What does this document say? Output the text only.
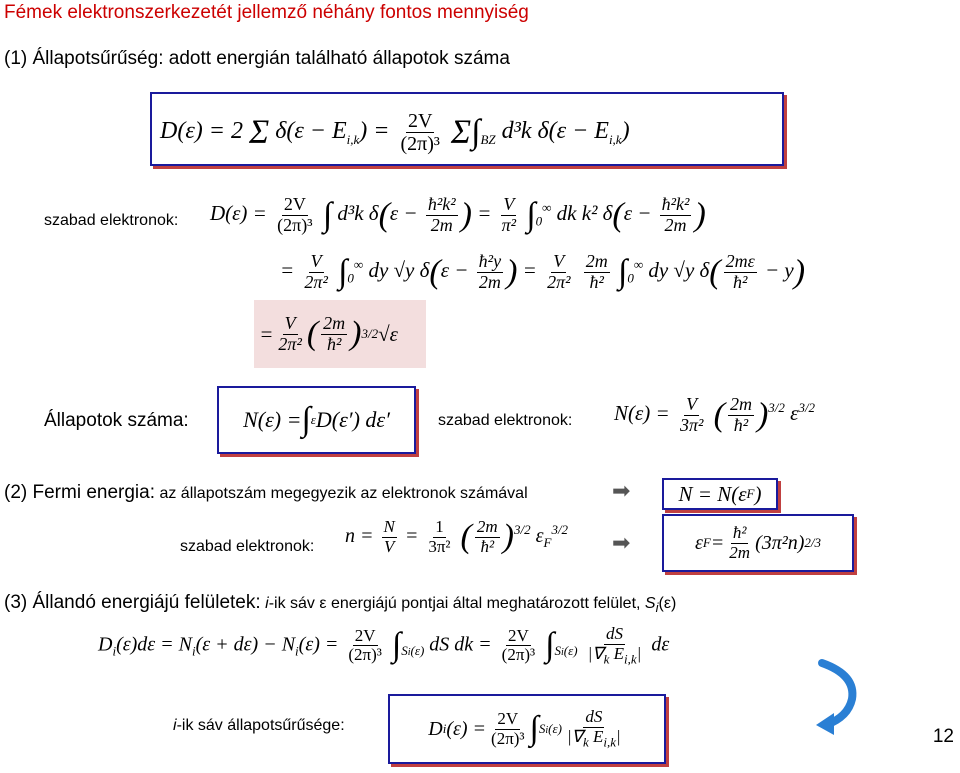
Fémek elektronszerkezetét jellemző néhány fontos mennyiség
(1) Állapotsűrűség: adott energián található állapotok száma
D(ε) = 2 Σ $\delta(\varepsilon - E_{i,k}) = \frac{2V}{\text{(2π)³}} \Sigma\int_{BZ}$ d³k $\delta(\varepsilon - E_{i,k})$
szabad elektronok: $D(\varepsilon) = \frac{2V}{\text{(2π)³}}$ ∫ d³k $\delta(\varepsilon - \frac{\text{ħ²k²}}{2m}$ ) = $\frac{V}{\text{π²}} \int_0^\infty$ dk k² $\delta(\varepsilon - \frac{\text{ħ²k²}}{2m}$ )
= $\frac{V}{\text{2π²}} \int_0^\infty$ dy √y $\delta(\varepsilon - \frac{\text{ħ²y}}{2m}$ ) = $\frac{V}{\text{2π²}}$
$\frac{2m}{\text{ħ²}} \int_0^\infty$ dy √y $\delta( \frac{2m\varepsilon}{\text{ħ²}} - y)$
= $\frac{V}{\text{2π²}}$ ( $\frac{2m}{\text{ħ²}}$ ) 3/2 √ε
Állapotok száma:	N(ε) = ∫ ε D(ε′) dε′	szabad elektronok: $N(\varepsilon) = \frac{V}{\text{3π²}}$ ( $\frac{2m}{\text{ħ²}} )^{3/2}$ $\varepsilon^{3/2}$
(2) Fermi energia: az állapotszám megegyezik az elektronok számával	➡	N = N(ε F )
szabad elektronok: $n = \frac{N}{V} = \frac{1}{\text{3π²}}$ ( $\frac{2m}{\text{ħ²}} )^{3/2}$ $\varepsilon_F^{3/2}$
➡	ε $F = \frac{\text{ħ²}}{2m} (3\pi^2n)$ 2/3
(3) Állandó energiájú felületek: i-ik sáv ε energiájú pontjai által meghatározott felület, $S_i(\varepsilon)$
$D_i(\varepsilon)d\varepsilon = N_i(\varepsilon + d\varepsilon) - N_i(\varepsilon) = \frac{2V}{\text{(2π)³}} \int_{Si(\varepsilon)}$ dS dk = $\frac{2V}{\text{(2π)³}} \int_{Si(\varepsilon)} \frac{dS}{|\nabla_k E_{i,k}|}$ dε
i-ik sáv állapotsűrűsége:	D i $(\varepsilon) = \frac{2V}{\text{(2π)³}}$ ∫ $Si(\varepsilon) \frac{dS}{|\nabla_k E_{i,k}|}$	12
